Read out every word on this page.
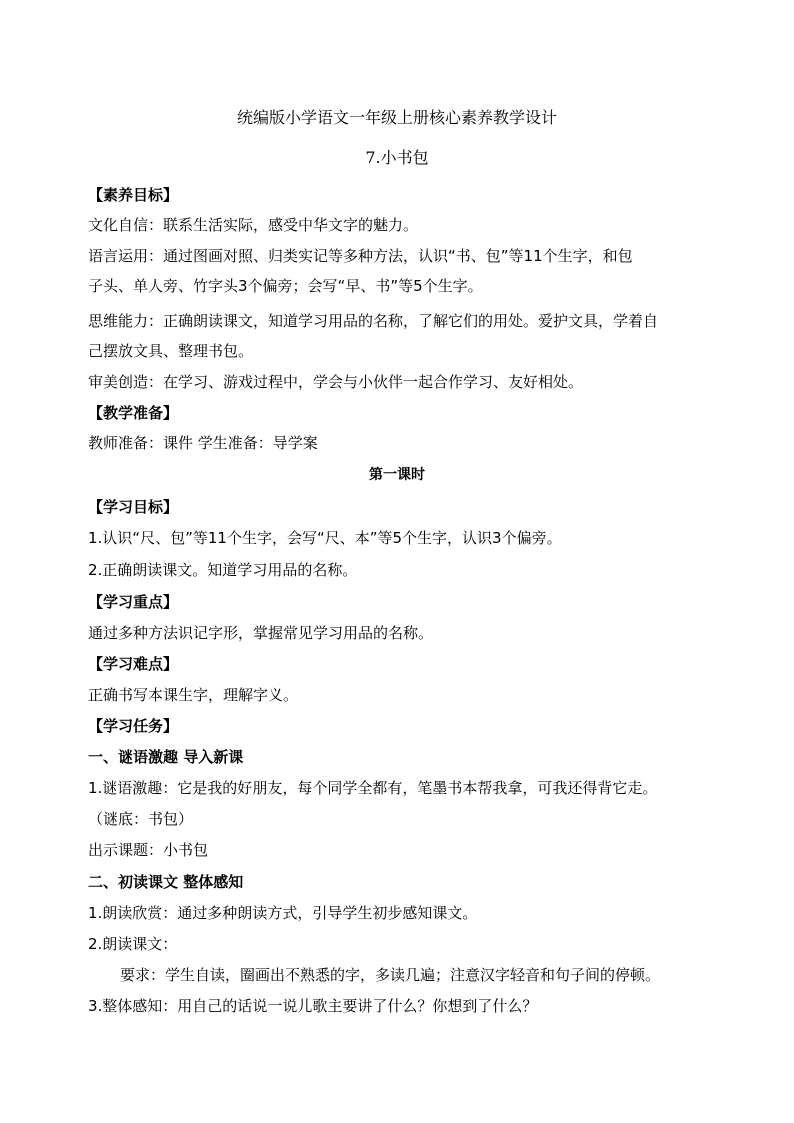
统编版小学语文一年级上册核心素养教学设计
7.小书包
【素养目标】
文化自信：联系生活实际，感受中华文字的魅力。
语言运用：通过图画对照、归类实记等多种方法，认识“书、包”等11个生字，和包
子头、单人旁、竹字头3个偏旁；会写“早、书”等5个生字。
思维能力：正确朗读课文，知道学习用品的名称，了解它们的用处。爱护文具，学着自
己摆放文具、整理书包。
审美创造：在学习、游戏过程中，学会与小伙伴一起合作学习、友好相处。
【教学准备】
教师准备：课件 学生准备：导学案
第一课时
【学习目标】
1.认识“尺、包”等11个生字，会写“尺、本”等5个生字，认识3个偏旁。
2.正确朗读课文。知道学习用品的名称。
【学习重点】
通过多种方法识记字形，掌握常见学习用品的名称。
【学习难点】
正确书写本课生字，理解字义。
【学习任务】
一、谜语激趣 导入新课
1.谜语激趣：它是我的好朋友，每个同学全都有，笔墨书本帮我拿，可我还得背它走。
（谜底：书包）
出示课题：小书包
二、初读课文 整体感知
1.朗读欣赏：通过多种朗读方式，引导学生初步感知课文。
2.朗读课文：
要求：学生自读，圈画出不熟悉的字，多读几遍；注意汉字轻音和句子间的停顿。
3.整体感知：用自己的话说一说儿歌主要讲了什么？你想到了什么？
